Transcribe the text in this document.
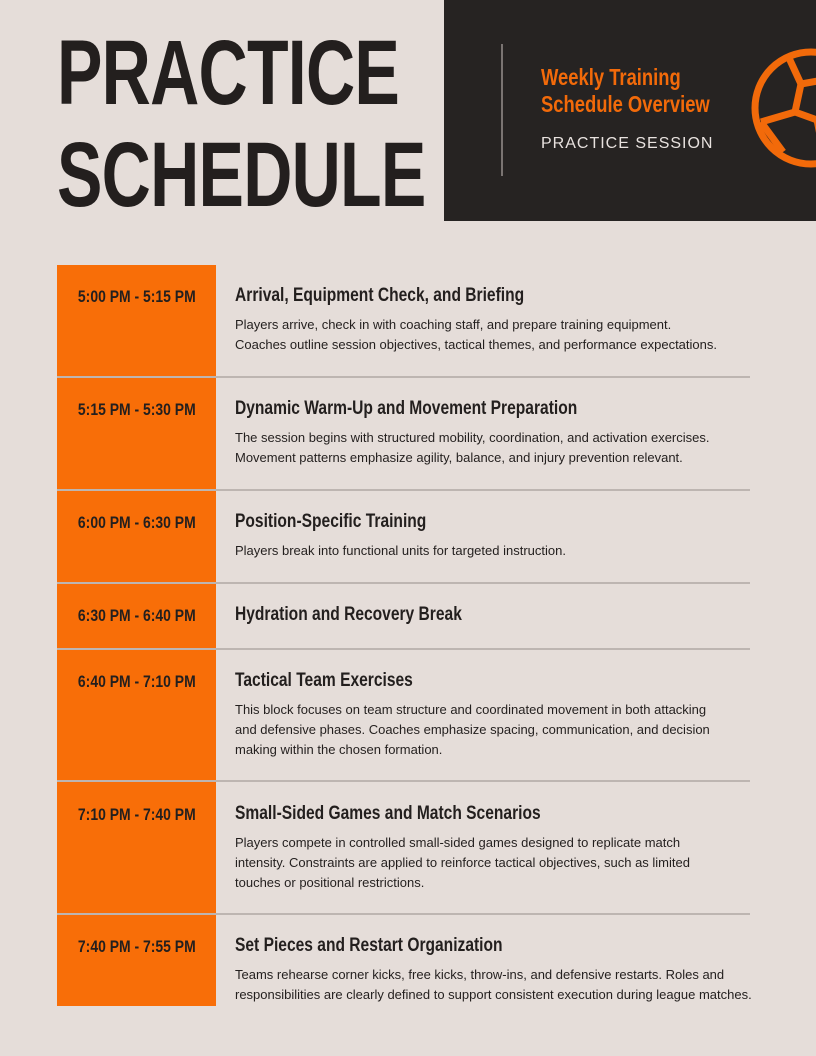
PRACTICE
SCHEDULE
Weekly Training
Schedule Overview
PRACTICE SESSION
5:00 PM - 5:15 PM	Arrival, Equipment Check, and Briefing
Players arrive, check in with coaching staff, and prepare training equipment.
Coaches outline session objectives, tactical themes, and performance expectations.
5:15 PM - 5:30 PM	Dynamic Warm-Up and Movement Preparation
The session begins with structured mobility, coordination, and activation exercises.
Movement patterns emphasize agility, balance, and injury prevention relevant.
6:00 PM - 6:30 PM	Position-Specific Training
Players break into functional units for targeted instruction.
6:30 PM - 6:40 PM	Hydration and Recovery Break
6:40 PM - 7:10 PM	Tactical Team Exercises
This block focuses on team structure and coordinated movement in both attacking
and defensive phases. Coaches emphasize spacing, communication, and decision
making within the chosen formation.
7:10 PM - 7:40 PM	Small-Sided Games and Match Scenarios
Players compete in controlled small-sided games designed to replicate match
intensity. Constraints are applied to reinforce tactical objectives, such as limited
touches or positional restrictions.
7:40 PM - 7:55 PM	Set Pieces and Restart Organization
Teams rehearse corner kicks, free kicks, throw-ins, and defensive restarts. Roles and
responsibilities are clearly defined to support consistent execution during league matches.
